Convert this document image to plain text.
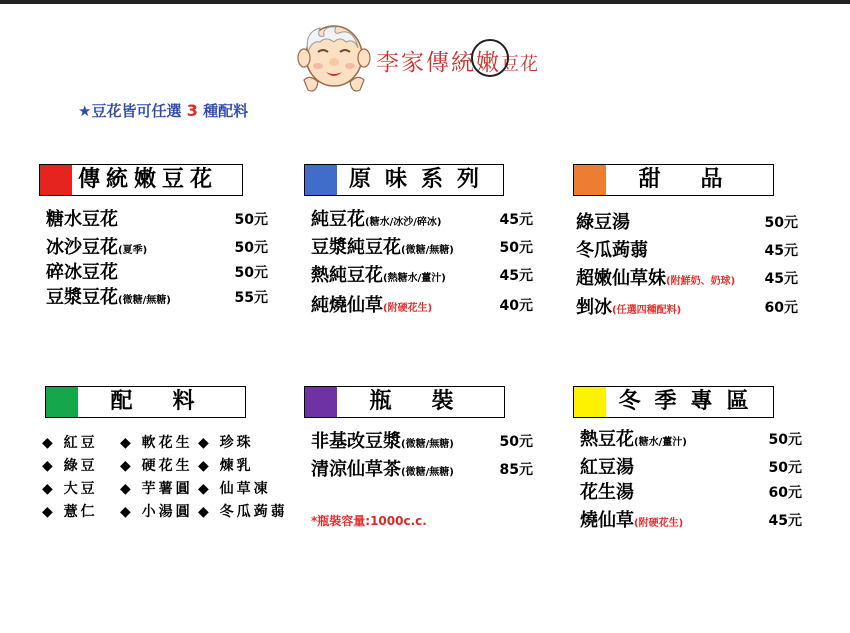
李家傳統嫩豆花
★豆花皆可任選 3 種配料
傳統嫩豆花
糖水豆花	50元
冰沙豆花(夏季)	50元
碎冰豆花	50元
豆漿豆花(微糖/無糖)	55元
原味系列
純豆花(糖水/冰沙/碎冰)	45元
豆漿純豆花(微糖/無糖)	50元
熱純豆花(熱糖水/薑汁)	45元
純燒仙草(附硬花生)	40元
甜品
綠豆湯	50元
冬瓜蒟蒻	45元
超嫩仙草妹(附鮮奶、奶球) 45元
剉冰(任選四種配料)	60元
配料
◆ 紅豆 ◆ 軟花生 ◆ 珍珠
◆ 綠豆 ◆ 硬花生 ◆ 煉乳
◆ 大豆 ◆ 芋薯圓 ◆ 仙草凍
◆ 薏仁 ◆ 小湯圓 ◆ 冬瓜蒟蒻
瓶裝
非基改豆漿(微糖/無糖)	50元
清涼仙草茶(微糖/無糖)	85元
*瓶裝容量:1000c.c.
冬季專區
熱豆花(糖水/薑汁)	50元
紅豆湯	50元
花生湯	60元
燒仙草(附硬花生)	45元
